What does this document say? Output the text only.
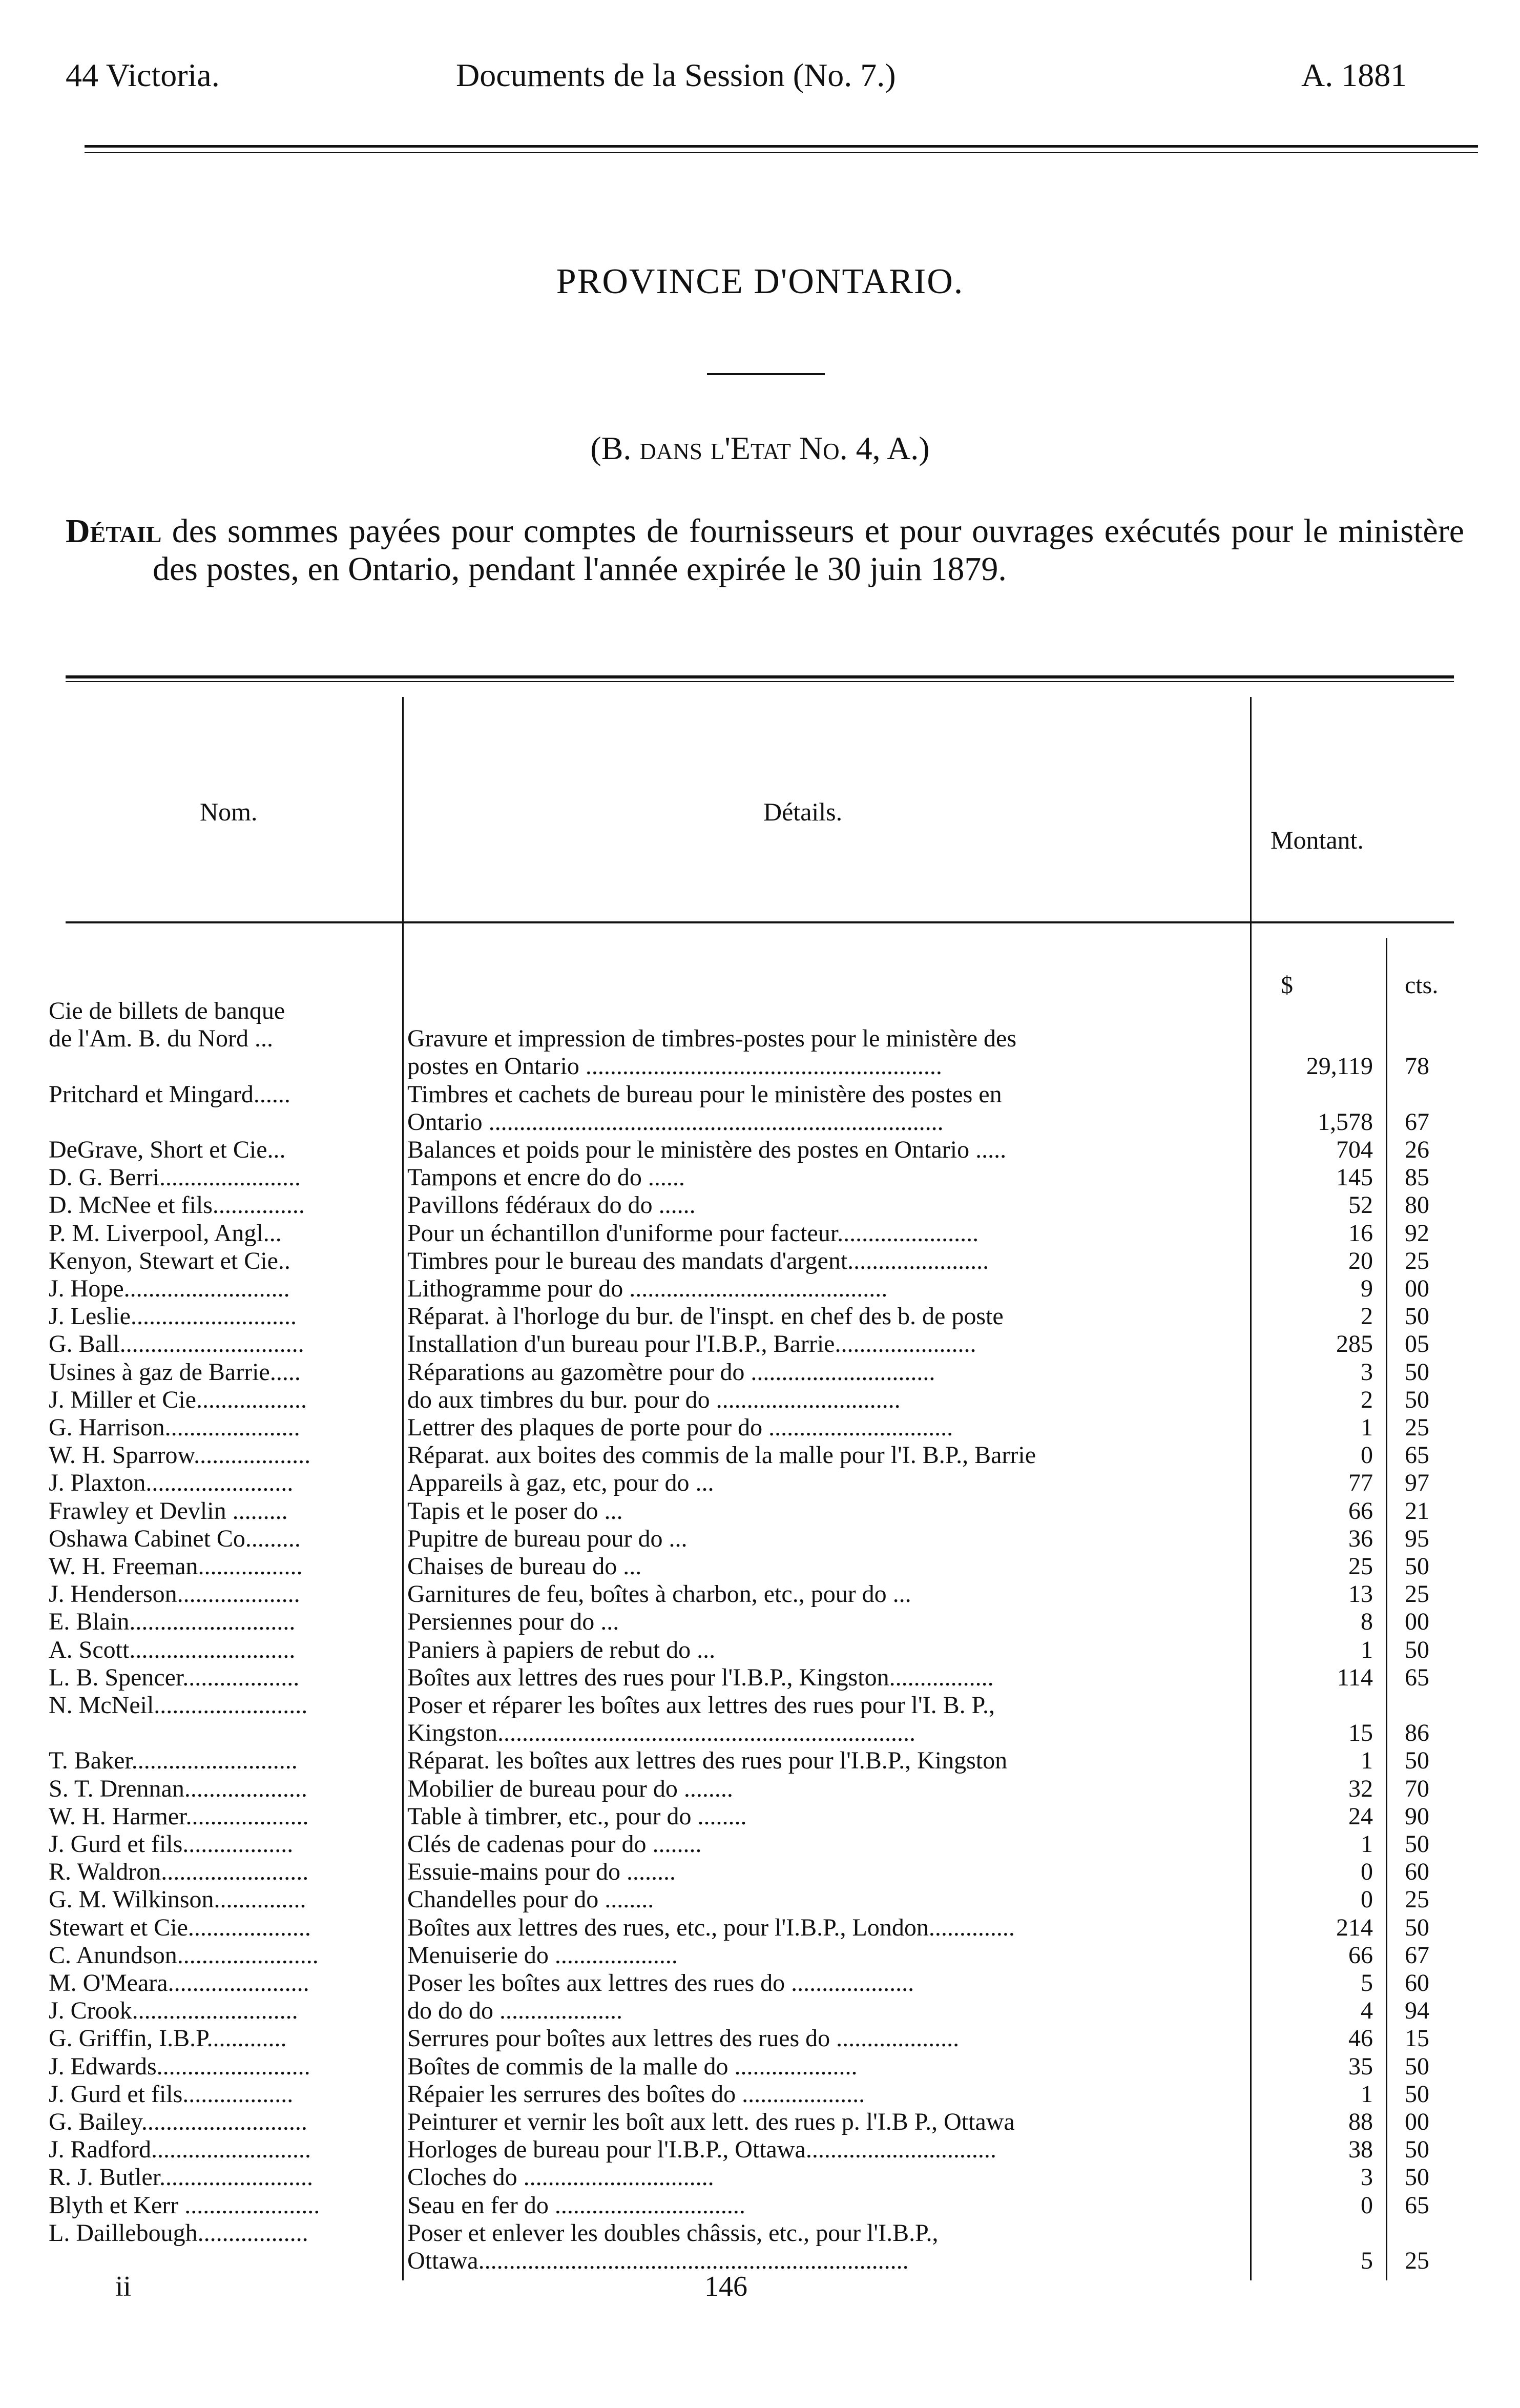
44 Victoria.	Documents de la Session (No. 7.)	A. 1881
PROVINCE D'ONTARIO.
(B. dans l'Etat No. 4, A.)
Détail des sommes payées pour comptes de fournisseurs et pour ouvrages exécutés pour le ministère des postes, en Ontario, pendant l'année expirée le 30 juin 1879.
Nom.	Détails.
Montant.
$	cts.
Cie de billets de banque
de l'Am. B. du Nord ...	Gravure et impression de timbres-postes pour le ministère des
postes en Ontario ..........................................................	29,119 78
Pritchard et Mingard......	Timbres et cachets de bureau pour le ministère des postes en
Ontario ..........................................................................	1,578 67
DeGrave, Short et Cie...	Balances et poids pour le ministère des postes en Ontario .....	704 26
D. G. Berri.......................	Tampons et encre do do ......	145 85
D. McNee et fils...............	Pavillons fédéraux do do ......	52 80
P. M. Liverpool, Angl...	Pour un échantillon d'uniforme pour facteur.......................	16 92
Kenyon, Stewart et Cie..	Timbres pour le bureau des mandats d'argent.......................	20 25
J. Hope...........................	Lithogramme pour do ..........................................	9 00
J. Leslie...........................	Réparat. à l'horloge du bur. de l'inspt. en chef des b. de poste	2 50
G. Ball..............................	Installation d'un bureau pour l'I.B.P., Barrie.......................	285 05
Usines à gaz de Barrie.....	Réparations au gazomètre pour do ..............................	3 50
J. Miller et Cie..................	do aux timbres du bur. pour do ..............................	2 50
G. Harrison......................	Lettrer des plaques de porte pour do ..............................	1 25
W. H. Sparrow...................	Réparat. aux boites des commis de la malle pour l'I. B.P., Barrie	0 65
J. Plaxton........................	Appareils à gaz, etc, pour do ...	77 97
Frawley et Devlin .........	Tapis et le poser do ...	66 21
Oshawa Cabinet Co.........	Pupitre de bureau pour do ...	36 95
W. H. Freeman.................	Chaises de bureau do ...	25 50
J. Henderson....................	Garnitures de feu, boîtes à charbon, etc., pour do ...	13 25
E. Blain...........................	Persiennes pour do ...	8 00
A. Scott...........................	Paniers à papiers de rebut do ...	1 50
L. B. Spencer...................	Boîtes aux lettres des rues pour l'I.B.P., Kingston.................	114 65
N. McNeil.........................	Poser et réparer les boîtes aux lettres des rues pour l'I. B. P.,
Kingston....................................................................	15 86
T. Baker...........................	Réparat. les boîtes aux lettres des rues pour l'I.B.P., Kingston	1 50
S. T. Drennan....................	Mobilier de bureau pour do ........	32 70
W. H. Harmer....................	Table à timbrer, etc., pour do ........	24 90
J. Gurd et fils..................	Clés de cadenas pour do ........	1 50
R. Waldron........................	Essuie-mains pour do ........	0 60
G. M. Wilkinson...............	Chandelles pour do ........	0 25
Stewart et Cie....................	Boîtes aux lettres des rues, etc., pour l'I.B.P., London..............	214 50
C. Anundson.......................	Menuiserie do ....................	66 67
M. O'Meara.......................	Poser les boîtes aux lettres des rues do ....................	5 60
J. Crook...........................	do do do ....................	4 94
G. Griffin, I.B.P.............	Serrures pour boîtes aux lettres des rues do ....................	46 15
J. Edwards.........................	Boîtes de commis de la malle do ....................	35 50
J. Gurd et fils..................	Répaier les serrures des boîtes do ....................	1 50
G. Bailey...........................	Peinturer et vernir les boît aux lett. des rues p. l'I.B P., Ottawa	88 00
J. Radford..........................	Horloges de bureau pour l'I.B.P., Ottawa...............................	38 50
R. J. Butler.........................	Cloches do ...............................	3 50
Blyth et Kerr ......................	Seau en fer do ...............................	0 65
L. Daillebough..................	Poser et enlever les doubles châssis, etc., pour l'I.B.P.,
Ottawa......................................................................	5 25
ii	146
